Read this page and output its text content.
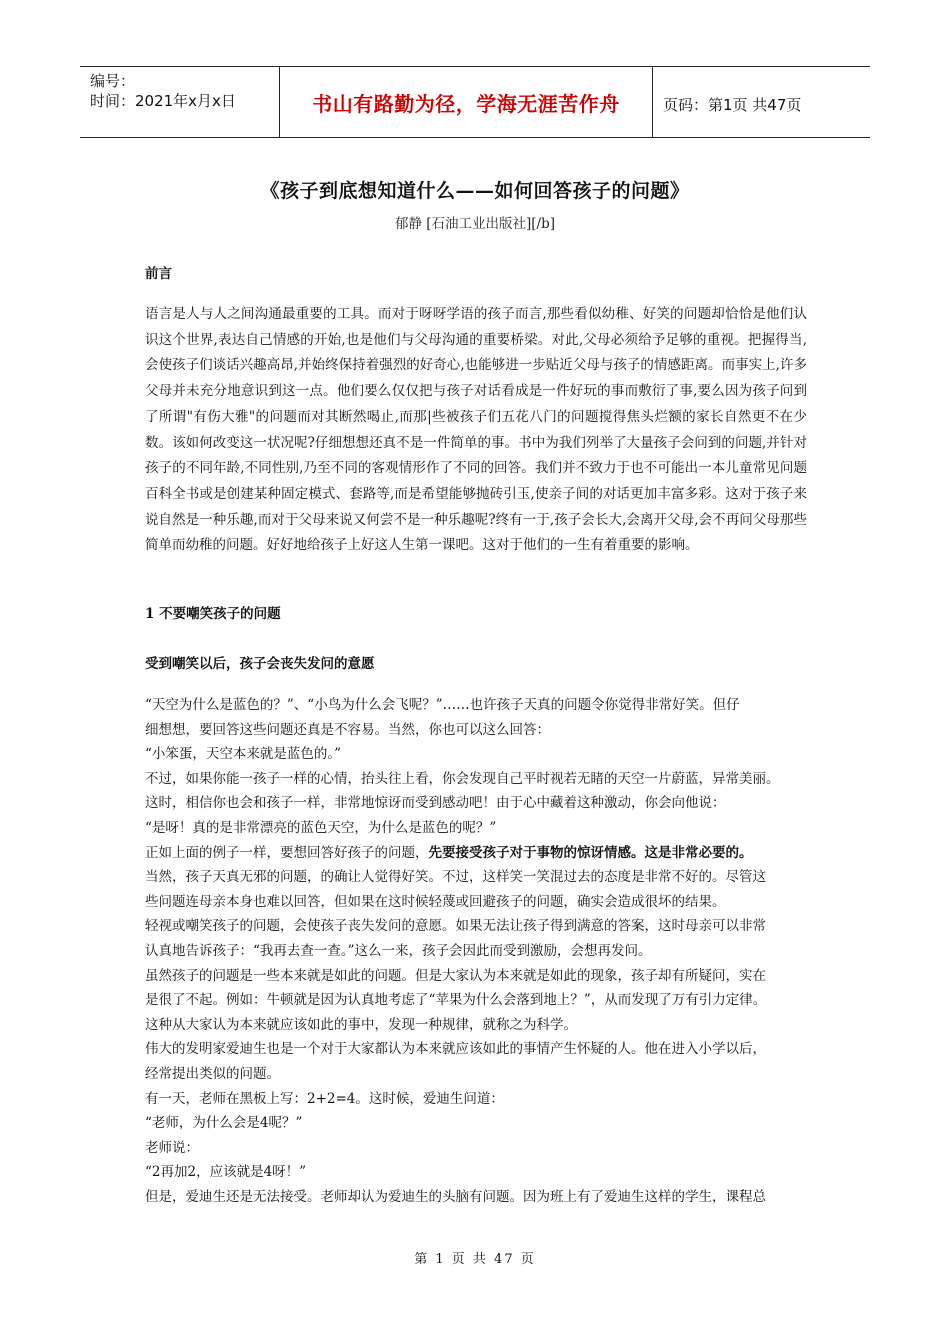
编号：
时间：2021年x月x日	书山有路勤为径，学海无涯苦作舟	页码：第1页 共47页
《孩子到底想知道什么——如何回答孩子的问题》
郁静 [石油工业出版社][/b]
前言

语言是人与人之间沟通最重要的工具。而对于呀呀学语的孩子而言,那些看似幼稚、好笑的问题却恰恰是他们认识这个世界,表达自己情感的开始,也是他们与父母沟通的重要桥梁。对此,父母必须给予足够的重视。把握得当,会使孩子们谈话兴趣高昂,并始终保持着强烈的好奇心,也能够进一步贴近父母与孩子的情感距离。而事实上,许多父母并未充分地意识到这一点。他们要么仅仅把与孩子对话看成是一件好玩的事而敷衍了事,要么因为孩子问到了所谓"有伤大雅"的问题而对其断然喝止,而那|些被孩子们五花八门的问题搅得焦头烂额的家长自然更不在少数。该如何改变这一状况呢?仔细想想还真不是一件简单的事。书中为我们列举了大量孩子会问到的问题,并针对孩子的不同年龄,不同性别,乃至不同的客观情形作了不同的回答。我们并不致力于也不可能出一本儿童常见问题百科全书或是创建某种固定模式、套路等,而是希望能够抛砖引玉,使亲子间的对话更加丰富多彩。这对于孩子来说自然是一种乐趣,而对于父母来说又何尝不是一种乐趣呢?终有一于,孩子会长大,会离开父母,会不再问父母那些简单而幼稚的问题。好好地给孩子上好这人生第一课吧。这对于他们的一生有着重要的影响。

1 不要嘲笑孩子的问题
受到嘲笑以后，孩子会丧失发问的意愿
“天空为什么是蓝色的？”、“小鸟为什么会飞呢？”……也许孩子天真的问题令你觉得非常好笑。但仔
细想想，要回答这些问题还真是不容易。当然，你也可以这么回答：
“小笨蛋，天空本来就是蓝色的。”
不过，如果你能一孩子一样的心情，抬头往上看，你会发现自己平时视若无睹的天空一片蔚蓝，异常美丽。
这时，相信你也会和孩子一样，非常地惊讶而受到感动吧！由于心中藏着这种激动，你会向他说：
“是呀！真的是非常漂亮的蓝色天空，为什么是蓝色的呢？”
正如上面的例子一样，要想回答好孩子的问题，先要接受孩子对于事物的惊讶情感。这是非常必要的。
当然，孩子天真无邪的问题，的确让人觉得好笑。不过，这样笑一笑混过去的态度是非常不好的。尽管这
些问题连母亲本身也难以回答，但如果在这时候轻蔑或回避孩子的问题，确实会造成很坏的结果。
轻视或嘲笑孩子的问题，会使孩子丧失发问的意愿。如果无法让孩子得到满意的答案，这时母亲可以非常
认真地告诉孩子：“我再去查一查。”这么一来，孩子会因此而受到激励，会想再发问。
虽然孩子的问题是一些本来就是如此的问题。但是大家认为本来就是如此的现象，孩子却有所疑问，实在
是很了不起。例如：牛顿就是因为认真地考虑了“苹果为什么会落到地上？”，从而发现了万有引力定律。
这种从大家认为本来就应该如此的事中，发现一种规律，就称之为科学。
伟大的发明家爱迪生也是一个对于大家都认为本来就应该如此的事情产生怀疑的人。他在进入小学以后，
经常提出类似的问题。
有一天，老师在黑板上写：2+2=4。这时候，爱迪生问道：
“老师，为什么会是4呢？”
老师说：
“2再加2，应该就是4呀！”
但是，爱迪生还是无法接受。老师却认为爱迪生的头脑有问题。因为班上有了爱迪生这样的学生，课程总
第 1 页 共 47 页
